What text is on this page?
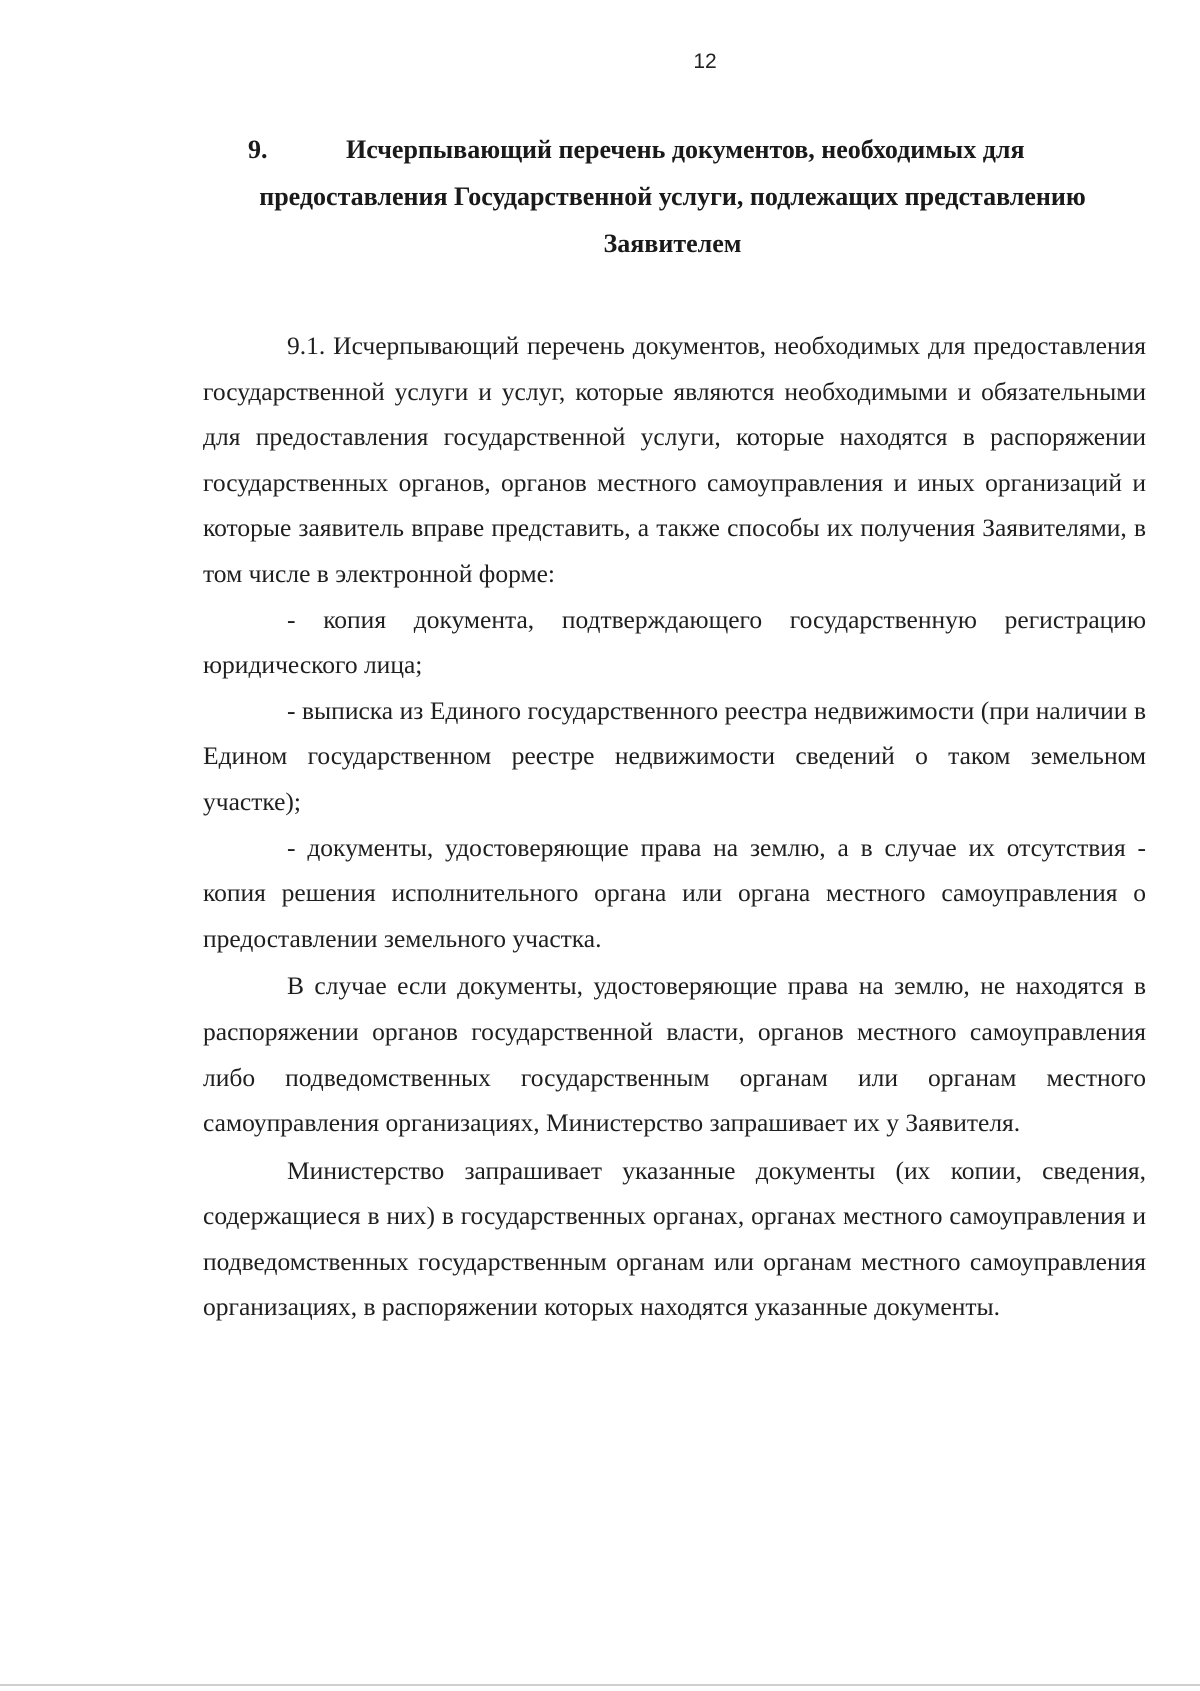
12
9.	Исчерпывающий перечень документов, необходимых для
предоставления Государственной услуги, подлежащих представлению
Заявителем

9.1. Исчерпывающий перечень документов, необходимых для предоставления государственной услуги и услуг, которые являются необходимыми и обязательными для предоставления государственной услуги, которые находятся в распоряжении государственных органов, органов местного самоуправления и иных организаций и которые заявитель вправе представить, а также способы их получения Заявителями, в том числе в электронной форме:

- копия документа, подтверждающего государственную регистрацию юридического лица;

- выписка из Единого государственного реестра недвижимости (при наличии в Едином государственном реестре недвижимости сведений о таком земельном участке);

- документы, удостоверяющие права на землю, а в случае их отсутствия - копия решения исполнительного органа или органа местного самоуправления о предоставлении земельного участка.

В случае если документы, удостоверяющие права на землю, не находятся в распоряжении органов государственной власти, органов местного самоуправления либо подведомственных государственным органам или органам местного самоуправления организациях, Министерство запрашивает их у Заявителя.

Министерство запрашивает указанные документы (их копии, сведения, содержащиеся в них) в государственных органах, органах местного самоуправления и подведомственных государственным органам или органам местного самоуправления организациях, в распоряжении которых находятся указанные документы.
